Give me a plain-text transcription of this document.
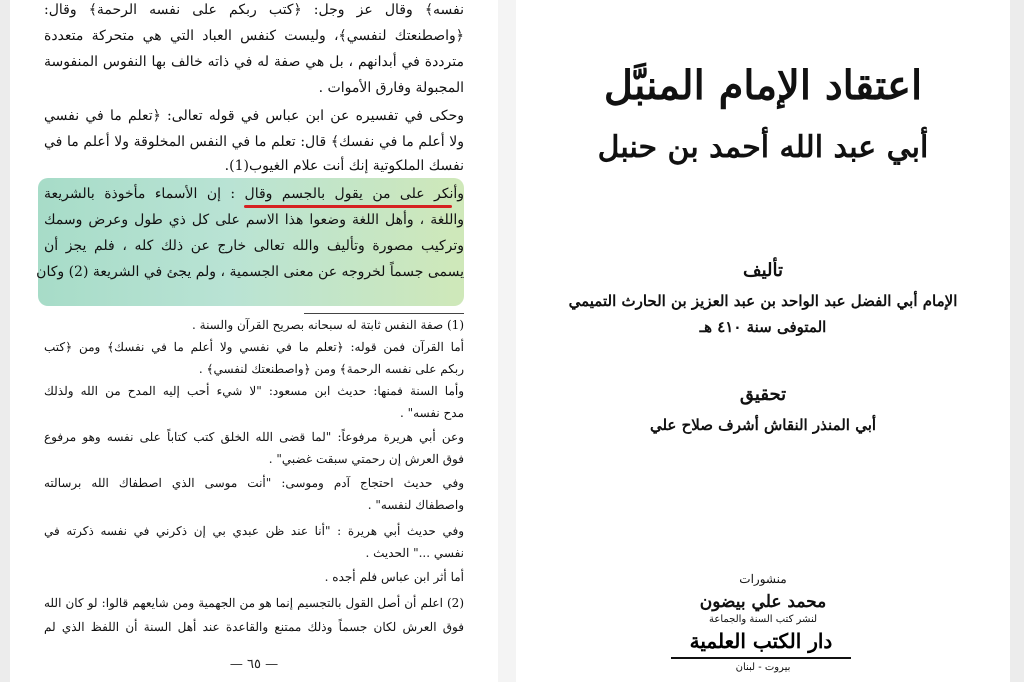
نفسه﴾ وقال عز وجل: ﴿كتب ربكم على نفسه الرحمة﴾ وقال:
﴿واصطنعتك لنفسي﴾، وليست كنفس العباد التي هي متحركة متعددة
مترددة في أبدانهم ، بل هي صفة له في ذاته خالف بها النفوس المنفوسة
المجبولة وفارق الأموات .
وحكى في تفسيره عن ابن عباس في قوله تعالى: ﴿تعلم ما في نفسي
ولا أعلم ما في نفسك﴾ قال: تعلم ما في النفس المخلوقة ولا أعلم ما في
نفسك الملكوتية إنك أنت علام الغيوب(1).
وأنكر على من يقول بالجسم وقال : إن الأسماء مأخوذة بالشريعة
واللغة ، وأهل اللغة وضعوا هذا الاسم على كل ذي طول وعرض وسمك
وتركيب مصورة وتأليف والله تعالى خارج عن ذلك كله ، فلم يجز أن
يسمى جسماً لخروجه عن معنى الجسمية ، ولم يجئ في الشريعة (2) وكان
(1) صفة النفس ثابتة له سبحانه بصريح القرآن والسنة .
أما القرآن فمن قوله: ﴿تعلم ما في نفسي ولا أعلم ما في نفسك﴾ ومن ﴿كتب
ربكم على نفسه الرحمة﴾ ومن ﴿واصطنعتك لنفسي﴾ .
وأما السنة فمنها: حديث ابن مسعود: "لا شيء أحب إليه المدح من الله ولذلك
مدح نفسه" .
وعن أبي هريرة مرفوعاً: "لما قضى الله الخلق كتب كتاباً على نفسه وهو مرفوع
فوق العرش إن رحمتي سبقت غضبي" .
وفي حديث احتجاج آدم وموسى: "أنت موسى الذي اصطفاك الله برسالته
واصطفاك لنفسه" .
وفي حديث أبي هريرة : "أنا عند ظن عبدي بي إن ذكرني في نفسه ذكرته في
نفسي ..." الحديث .
أما أثر ابن عباس فلم أجده .
(2) اعلم أن أصل القول بالتجسيم إنما هو من الجهمية ومن شايعهم قالوا: لو كان الله
فوق العرش لكان جسماً وذلك ممتنع والقاعدة عند أهل السنة أن اللفظ الذي لم
— ٦٥ —
اعتقاد الإمام المنبَّل
أبي عبد الله أحمد بن حنبل
تأليف
الإمام أبي الفضل عبد الواحد بن عبد العزيز بن الحارث التميمي
المتوفى سنة ٤١٠ هـ
تحقيق
أبي المنذر النقاش أشرف صلاح علي
منشورات
محمد علي بيضون
لنشر كتب السنة والجماعة
دار الكتب العلمية
بيروت - لبنان
